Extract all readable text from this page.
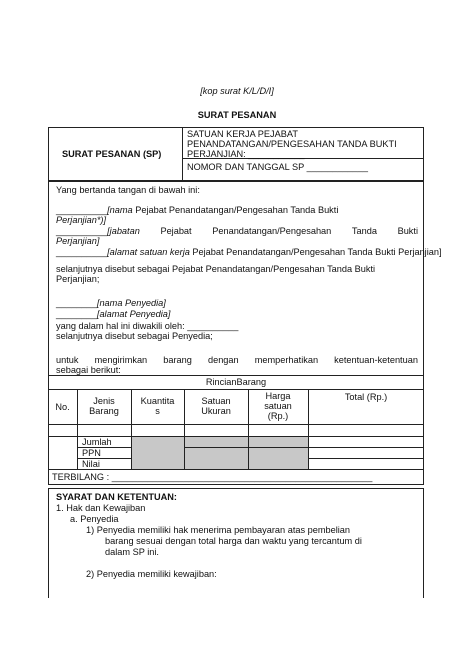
[kop surat K/L/D/I]
SURAT PESANAN
SURAT PESANAN (SP)
SATUAN KERJA PEJABAT
PENANDATANGAN/PENGESAHAN TANDA BUKTI
PERJANJIAN: ___________
NOMOR DAN TANGGAL SP ____________
Yang bertanda tangan di bawah ini:
__________[nama Pejabat Penandatangan/Pengesahan Tanda Bukti
Perjanjian*)]
__________[jabatan Pejabat Penandatangan/Pengesahan Tanda Bukti
Perjanjian]
__________[alamat satuan kerja Pejabat Penandatangan/Pengesahan Tanda Bukti Perjanjian]
selanjutnya disebut sebagai Pejabat Penandatangan/Pengesahan Tanda Bukti
Perjanjian;
________[nama Penyedia]
________[alamat Penyedia]
yang dalam hal ini diwakili oleh: __________
selanjutnya disebut sebagai Penyedia;
untuk mengirimkan barang dengan memperhatikan ketentuan-ketentuan
sebagai berikut:
RincianBarang
No.
Jenis
Barang
Kuantita
s
Satuan
Ukuran
Harga
satuan
(Rp.)
Total (Rp.)
Jumlah
PPN
Nilai
TERBILANG : ___________________________________________________
SYARAT DAN KETENTUAN:
1. Hak dan Kewajiban
a. Penyedia
1) Penyedia memiliki hak menerima pembayaran atas pembelian
barang sesuai dengan total harga dan waktu yang tercantum di
dalam SP ini.
2) Penyedia memiliki kewajiban:
